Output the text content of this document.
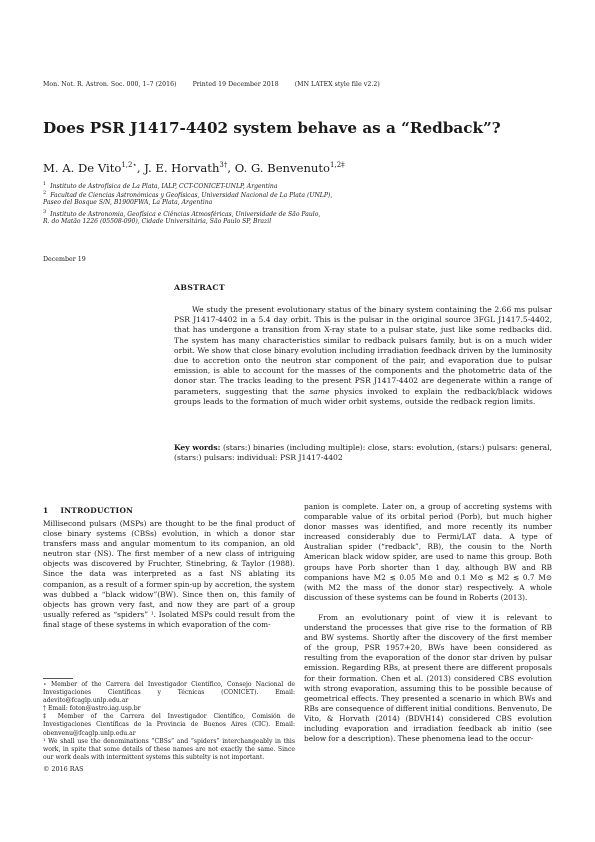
Mon. Not. R. Astron. Soc. 000, 1–7 (2016)	Printed 19 December 2018	(MN LATEX style file v2.2)
Does PSR J1417-4402 system behave as a “Redback”?
M. A. De Vito$^{1,2⋆}$, J. E. Horvath$^{3\dagger}$, O. G. Benvenuto$^{1,2\ddagger}$
$^1$ Instituto de Astrofísica de La Plata, IALP, CCT-CONICET-UNLP, Argentina
$^2$ Facultad de Ciencias Astronómicas y Geofísicas, Universidad Nacional de La Plata (UNLP),
Paseo del Bosque S/N, B1900FWA, La Plata, Argentina
$^3$ Instituto de Astronomia, Geofísica e Ciências Atmosféricas, Universidade de São Paulo,
R. do Matão 1226 (05508-090), Cidade Universitária, São Paulo SP, Brazil
December 19
ABSTRACT
We study the present evolutionary status of the binary system containing the 2.66 ms pulsar PSR J1417-4402 in a 5.4 day orbit. This is the pulsar in the original source 3FGL J1417.5-4402, that has undergone a transition from X-ray state to a pulsar state, just like some redbacks did. The system has many characteristics similar to redback pulsars family, but is on a much wider orbit. We show that close binary evolution including irradiation feedback driven by the luminosity due to accretion onto the neutron star component of the pair, and evaporation due to pulsar emission, is able to account for the masses of the components and the photometric data of the donor star. The tracks leading to the present PSR J1417-4402 are degenerate within a range of parameters, suggesting that the same physics invoked to explain the redback/black widows groups leads to the formation of much wider orbit systems, outside the redback region limits.
Key words: (stars:) binaries (including multiple): close, stars: evolution, (stars:) pulsars: general, (stars:) pulsars: individual: PSR J1417-4402
1 INTRODUCTION
Millisecond pulsars (MSPs) are thought to be the final product of close binary systems (CBSs) evolution, in which a donor star transfers mass and angular momentum to its companion, an old neutron star (NS). The first member of a new class of intriguing objects was discovered by Fruchter, Stinebring, & Taylor (1988). Since the data was interpreted as a fast NS ablating its companion, as a result of a former spin-up by accretion, the system was dubbed a “black widow”(BW). Since then on, this family of objects has grown very fast, and now they are part of a group usually refered as “spiders” ¹. Isolated MSPs could result from the final stage of these systems in which evaporation of the com-

panion is complete. Later on, a group of accreting systems with comparable value of its orbital period (Porb), but much higher donor masses was identified, and more recently its number increased considerably due to Fermi/LAT data. A type of Australian spider (“redback”, RB), the cousin to the North American black widow spider, are used to name this group. Both groups have Porb shorter than 1 day, although BW and RB companions have M2 ≲ 0.05 M⊙ and 0.1 M⊙ ≲ M2 ≲ 0.7 M⊙ (with M2 the mass of the donor star) respectively. A whole discussion of these systems can be found in Roberts (2013).

From an evolutionary point of view it is relevant to understand the processes that give rise to the formation of RB and BW systems. Shortly after the discovery of the first member of the group, PSR 1957+20, BWs have been considered as resulting from the evaporation of the donor star driven by pulsar emission. Regarding RBs, at present there are different proposals for their formation. Chen et al. (2013) considered CBS evolution with strong evaporation, assuming this to be possible because of geometrical effects. They presented a scenario in which BWs and RBs are consequence of different initial conditions. Benvenuto, De Vito, & Horvath (2014) (BDVH14) considered CBS evolution including evaporation and irradiation feedback ab initio (see below for a description). These phenomena lead to the occur-

⋆ Member of the Carrera del Investigador Científico, Consejo Nacional de Investigaciones Científicas y Técnicas (CONICET). Email: adevito@fcaglp.unlp.edu.ar

† Email: foton@astro.iag.usp.br

‡ Member of the Carrera del Investigador Científico, Comisión de Investigaciones Científicas de la Provincia de Buenos Aires (CIC). Email: obenvenu@fcaglp.unlp.edu.ar

¹ We shall use the denominations ”CBSs” and ”spiders” interchangeably in this work, in spite that some details of these names are not exactly the same. Since our work deals with intermittent systems this subtelty is not important.

© 2016 RAS
